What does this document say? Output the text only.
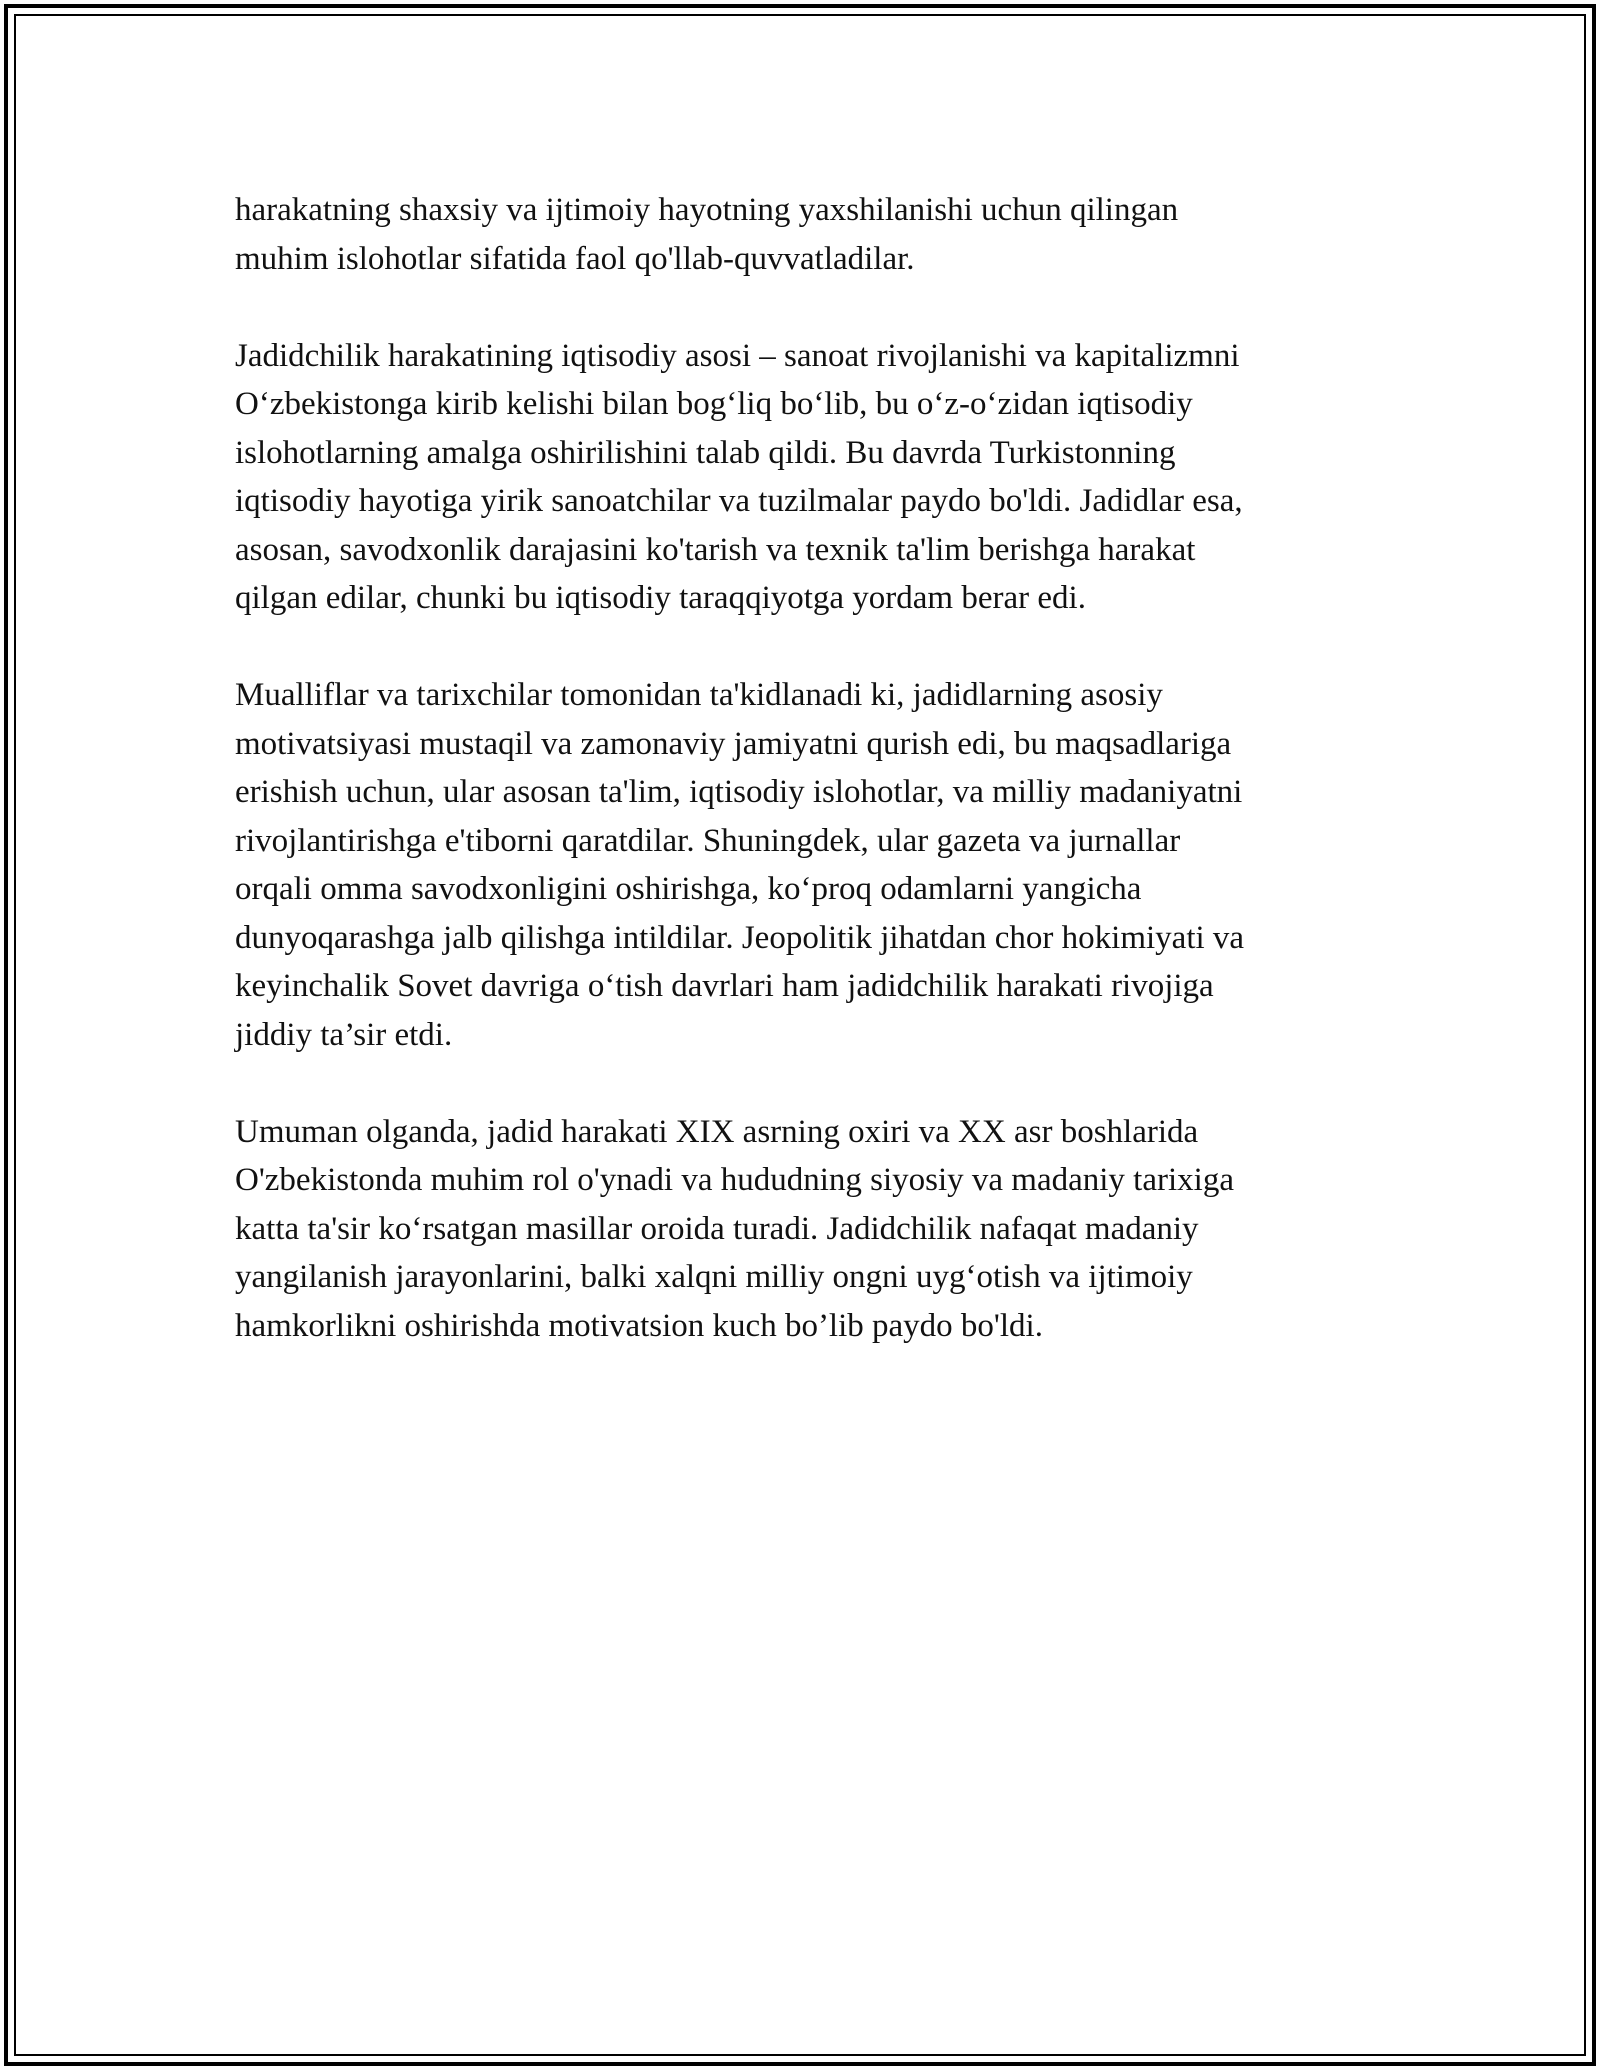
harakatning shaxsiy va ijtimoiy hayotning yaxshilanishi uchun qilingan
muhim islohotlar sifatida faol qo'llab-quvvatladilar.

Jadidchilik harakatining iqtisodiy asosi – sanoat rivojlanishi va kapitalizmni
O‘zbekistonga kirib kelishi bilan bog‘liq bo‘lib, bu o‘z-o‘zidan iqtisodiy
islohotlarning amalga oshirilishini talab qildi. Bu davrda Turkistonning
iqtisodiy hayotiga yirik sanoatchilar va tuzilmalar paydo bo'ldi. Jadidlar esa,
asosan, savodxonlik darajasini ko'tarish va texnik ta'lim berishga harakat
qilgan edilar, chunki bu iqtisodiy taraqqiyotga yordam berar edi.

Mualliflar va tarixchilar tomonidan ta'kidlanadi ki, jadidlarning asosiy
motivatsiyasi mustaqil va zamonaviy jamiyatni qurish edi, bu maqsadlariga
erishish uchun, ular asosan ta'lim, iqtisodiy islohotlar, va milliy madaniyatni
rivojlantirishga e'tiborni qaratdilar. Shuningdek, ular gazeta va jurnallar
orqali omma savodxonligini oshirishga, ko‘proq odamlarni yangicha
dunyoqarashga jalb qilishga intildilar. Jeopolitik jihatdan chor hokimiyati va
keyinchalik Sovet davriga o‘tish davrlari ham jadidchilik harakati rivojiga
jiddiy ta’sir etdi.

Umuman olganda, jadid harakati XIX asrning oxiri va XX asr boshlarida
O'zbekistonda muhim rol o'ynadi va hududning siyosiy va madaniy tarixiga
katta ta'sir ko‘rsatgan masillar oroida turadi. Jadidchilik nafaqat madaniy
yangilanish jarayonlarini, balki xalqni milliy ongni uyg‘otish va ijtimoiy
hamkorlikni oshirishda motivatsion kuch bo’lib paydo bo'ldi.
